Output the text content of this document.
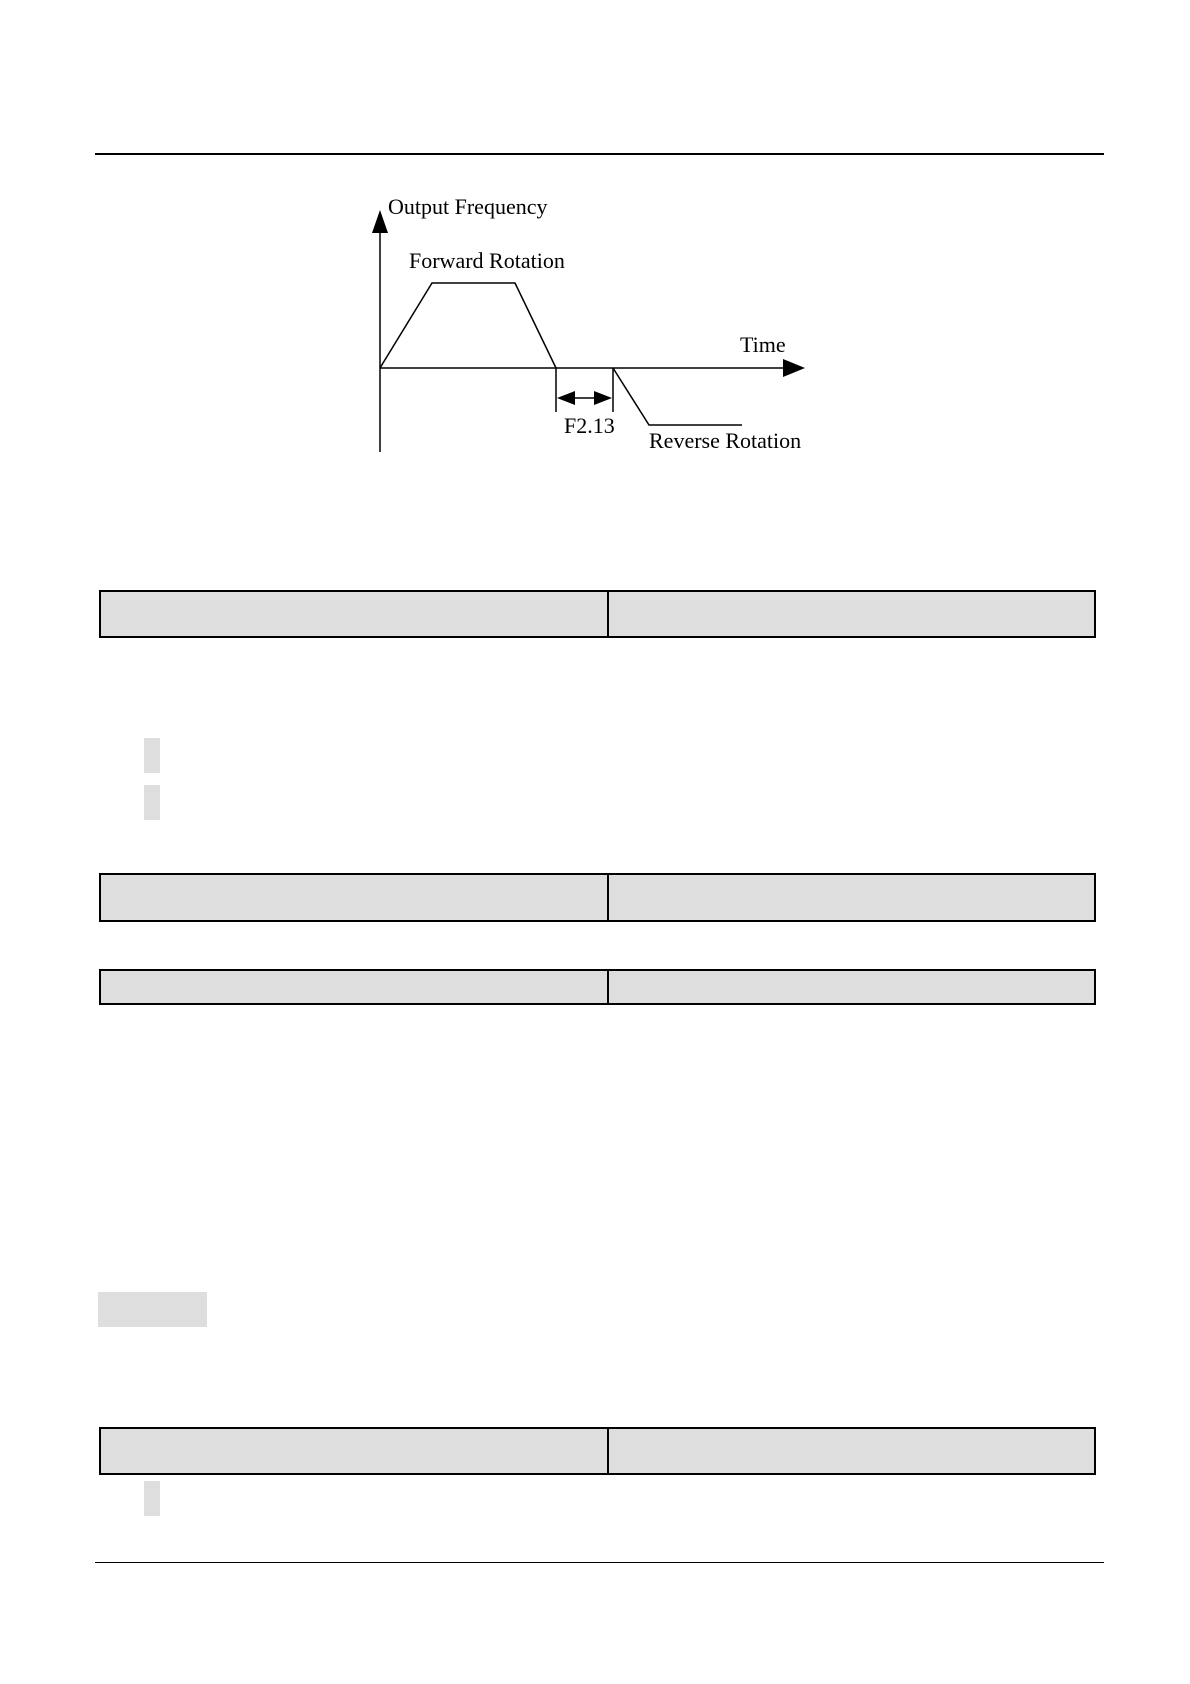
Output Frequency
Time
Forward Rotation
F2.13
Reverse Rotation
